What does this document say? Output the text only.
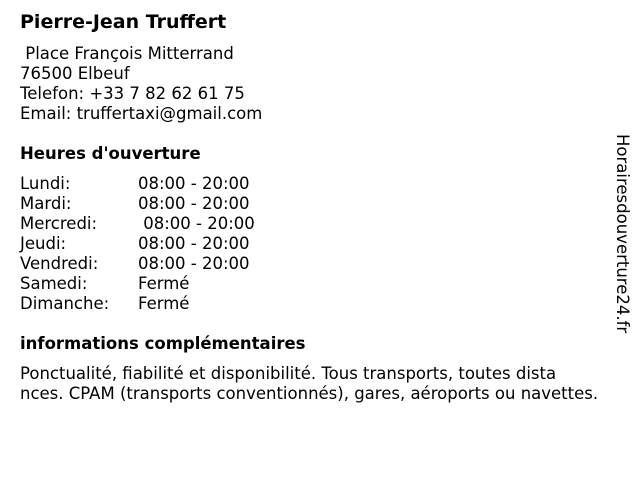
Pierre-Jean Truffert
Place François Mitterrand
76500 Elbeuf
Telefon: +33 7 82 62 61 75
Email: truffertaxi@gmail.com
Heures d'ouverture
Lundi:	08:00 - 20:00
Mardi:	08:00 - 20:00
Mercredi:	08:00 - 20:00
Jeudi:	08:00 - 20:00
Vendredi:	08:00 - 20:00
Samedi:	Fermé
Dimanche:	Fermé
informations complémentaires
Ponctualité, fiabilité et disponibilité. Tous transports, toutes dista
nces. CPAM (transports conventionnés), gares, aéroports ou navettes.
Horairesdouverture24.fr
